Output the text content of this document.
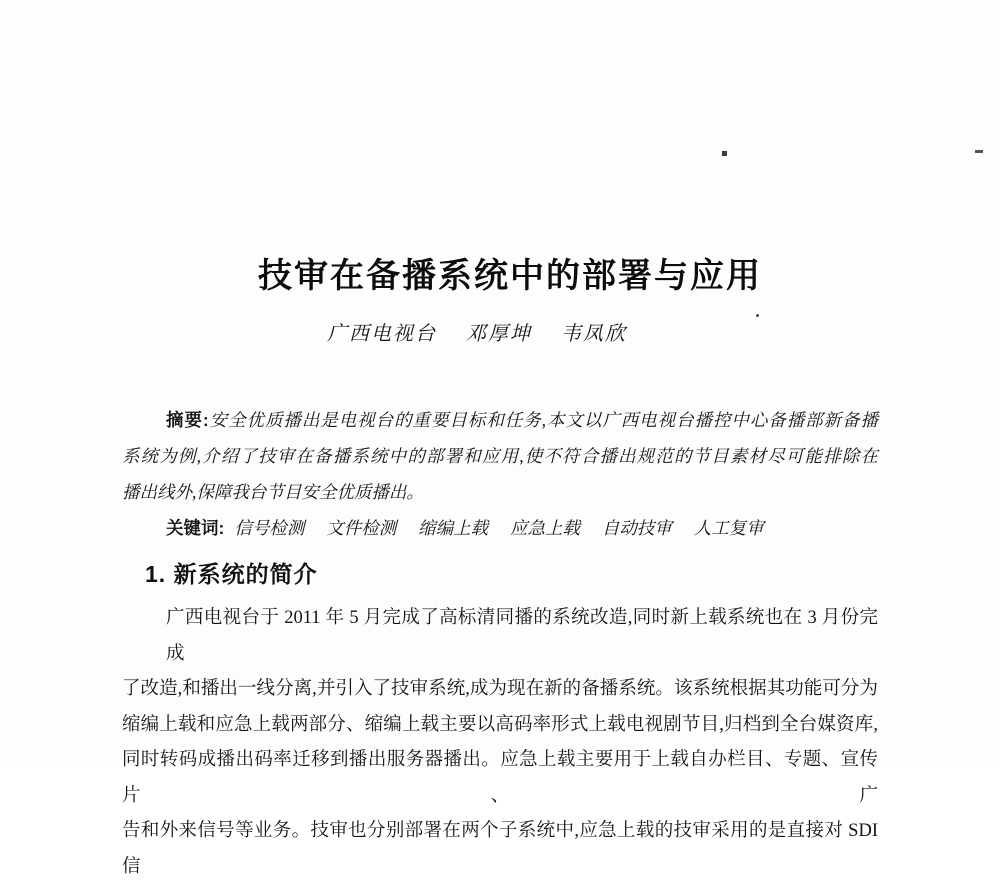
技审在备播系统中的部署与应用
广西电视台　 邓厚坤　 韦凤欣
摘要:安全优质播出是电视台的重要目标和任务,本文以广西电视台播控中心备播部新备播
系统为例,介绍了技审在备播系统中的部署和应用,使不符合播出规范的节目素材尽可能排除在
播出线外,保障我台节目安全优质播出。
关键词: 信号检测　 文件检测　 缩编上载　 应急上载　 自动技审　 人工复审
1. 新系统的简介
广西电视台于 2011 年 5 月完成了高标清同播的系统改造,同时新上载系统也在 3 月份完成
了改造,和播出一线分离,并引入了技审系统,成为现在新的备播系统。该系统根据其功能可分为
缩编上载和应急上载两部分、缩编上载主要以高码率形式上载电视剧节目,归档到全台媒资库,
同时转码成播出码率迁移到播出服务器播出。应急上载主要用于上载自办栏目、专题、宣传片、广
告和外来信号等业务。技审也分别部署在两个子系统中,应急上载的技审采用的是直接对 SDI 信
